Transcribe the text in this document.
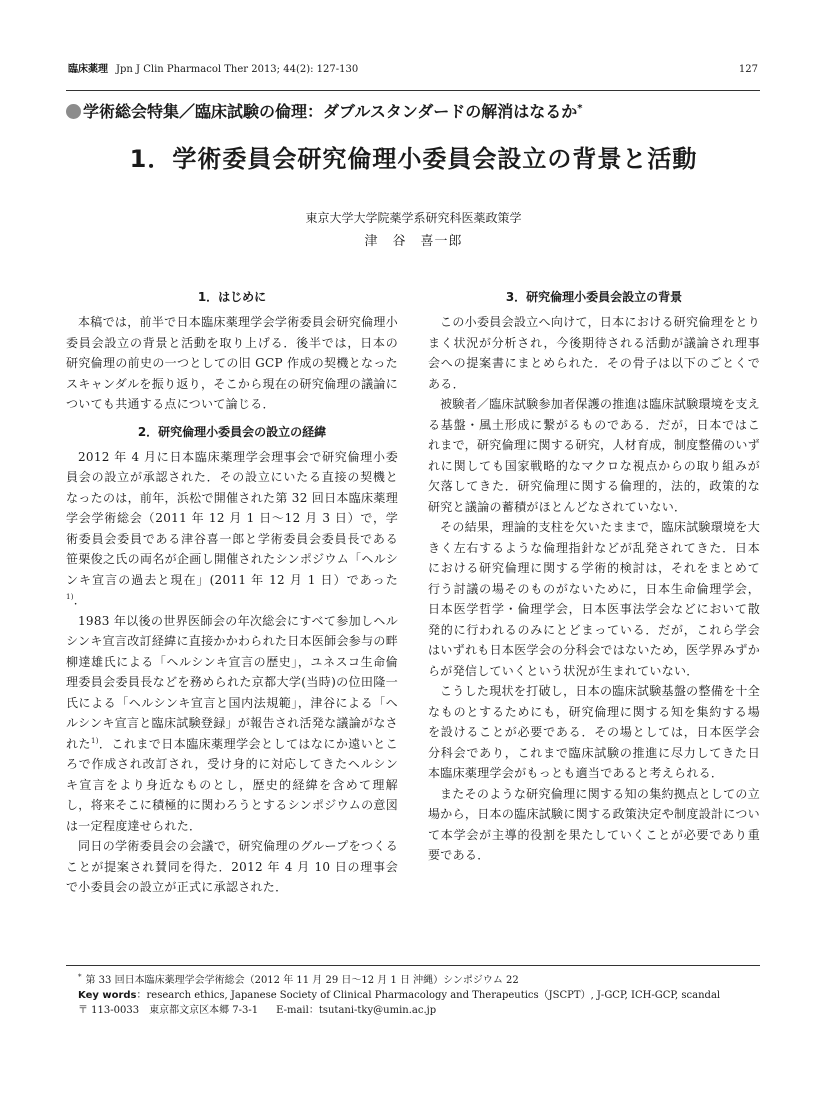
臨床薬理 Jpn J Clin Pharmacol Ther 2013; 44(2): 127-130	127
学術総会特集／臨床試験の倫理：ダブルスタンダードの解消はなるか*
1．学術委員会研究倫理小委員会設立の背景と活動
東京大学大学院薬学系研究科医薬政策学
津　谷　喜一郎
1．はじめに

本稿では，前半で日本臨床薬理学会学術委員会研究倫理小委員会設立の背景と活動を取り上げる．後半では，日本の研究倫理の前史の一つとしての旧 GCP 作成の契機となったスキャンダルを振り返り，そこから現在の研究倫理の議論についても共通する点について論じる．

2．研究倫理小委員会の設立の経緯

2012 年 4 月に日本臨床薬理学会理事会で研究倫理小委員会の設立が承認された．その設立にいたる直接の契機となったのは，前年，浜松で開催された第 32 回日本臨床薬理学会学術総会（2011 年 12 月 1 日～12 月 3 日）で，学術委員会委員である津谷喜一郎と学術委員会委員長である笹栗俊之氏の両名が企画し開催されたシンポジウム「ヘルシンキ宣言の過去と現在」(2011 年 12 月 1 日）であった$^{1)}$．

1983 年以後の世界医師会の年次総会にすべて参加しヘルシンキ宣言改訂経緯に直接かかわられた日本医師会参与の畔柳達雄氏による「ヘルシンキ宣言の歴史」，ユネスコ生命倫理委員会委員長などを務められた京都大学(当時)の位田隆一氏による「ヘルシンキ宣言と国内法規範」，津谷による「ヘルシンキ宣言と臨床試験登録」が報告され活発な議論がなされた$^{1)}$．これまで日本臨床薬理学会としてはなにか遠いところで作成され改訂され，受け身的に対応してきたヘルシンキ宣言をより身近なものとし，歴史的経緯を含めて理解し，将来そこに積極的に関わろうとするシンポジウムの意図は一定程度達せられた．

同日の学術委員会の会議で，研究倫理のグループをつくることが提案され賛同を得た．2012 年 4 月 10 日の理事会で小委員会の設立が正式に承認された．

3．研究倫理小委員会設立の背景

この小委員会設立へ向けて，日本における研究倫理をとりまく状況が分析され，今後期待される活動が議論され理事会への提案書にまとめられた．その骨子は以下のごとくである．

被験者／臨床試験参加者保護の推進は臨床試験環境を支える基盤・風土形成に繋がるものである．だが，日本ではこれまで，研究倫理に関する研究，人材育成，制度整備のいずれに関しても国家戦略的なマクロな視点からの取り組みが欠落してきた．研究倫理に関する倫理的，法的，政策的な研究と議論の蓄積がほとんどなされていない．

その結果，理論的支柱を欠いたままで，臨床試験環境を大きく左右するような倫理指針などが乱発されてきた．日本における研究倫理に関する学術的検討は，それをまとめて行う討議の場そのものがないために，日本生命倫理学会，日本医学哲学・倫理学会，日本医事法学会などにおいて散発的に行われるのみにとどまっている．だが，これら学会はいずれも日本医学会の分科会ではないため，医学界みずからが発信していくという状況が生まれていない．

こうした現状を打破し，日本の臨床試験基盤の整備を十全なものとするためにも，研究倫理に関する知を集約する場を設けることが必要である．その場としては，日本医学会分科会であり，これまで臨床試験の推進に尽力してきた日本臨床薬理学会がもっとも適当であると考えられる．

またそのような研究倫理に関する知の集約拠点としての立場から，日本の臨床試験に関する政策決定や制度設計について本学会が主導的役割を果たしていくことが必要であり重要である．

* 第 33 回日本臨床薬理学会学術総会（2012 年 11 月 29 日～12 月 1 日 沖縄）シンポジウム 22
Key words：research ethics, Japanese Society of Clinical Pharmacology and Therapeutics（JSCPT）, J-GCP, ICH-GCP, scandal
〒 113-0033　東京都文京区本郷 7-3-1 E-mail：tsutani-tky@umin.ac.jp
